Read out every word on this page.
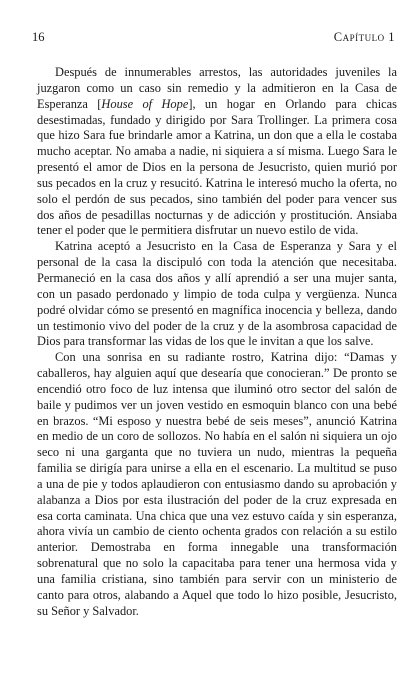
16	Capítulo 1

Después de innumerables arrestos, las autoridades juveniles la juzgaron como un caso sin remedio y la admitieron en la Casa de Esperanza [House of Hope], un hogar en Orlando para chicas desestimadas, fundado y dirigido por Sara Trollinger. La primera cosa que hizo Sara fue brindarle amor a Katrina, un don que a ella le costaba mucho aceptar. No amaba a nadie, ni siquiera a sí misma. Luego Sara le presentó el amor de Dios en la persona de Jesucristo, quien murió por sus pecados en la cruz y resucitó. Katrina le interesó mucho la oferta, no solo el perdón de sus pecados, sino también del poder para vencer sus dos años de pesadillas nocturnas y de adicción y prostitución. Ansiaba tener el poder que le permitiera disfrutar un nuevo estilo de vida.

Katrina aceptó a Jesucristo en la Casa de Esperanza y Sara y el personal de la casa la discipuló con toda la atención que necesitaba. Permaneció en la casa dos años y allí aprendió a ser una mujer santa, con un pasado perdonado y limpio de toda culpa y vergüenza. Nunca podré olvidar cómo se presentó en magnífica inocencia y belleza, dando un testimonio vivo del poder de la cruz y de la asombrosa capacidad de Dios para transformar las vidas de los que le invitan a que los salve.

Con una sonrisa en su radiante rostro, Katrina dijo: “Damas y caballeros, hay alguien aquí que desearía que conocieran.” De pronto se encendió otro foco de luz intensa que iluminó otro sector del salón de baile y pudimos ver un joven vestido en esmoquin blanco con una bebé en brazos. “Mi esposo y nuestra bebé de seis meses”, anunció Katrina en medio de un coro de sollozos. No había en el salón ni siquiera un ojo seco ni una garganta que no tuviera un nudo, mientras la pequeña familia se dirigía para unirse a ella en el escenario. La multitud se puso a una de pie y todos aplaudieron con entusiasmo dando su aprobación y alabanza a Dios por esta ilustración del poder de la cruz expresada en esa corta caminata. Una chica que una vez estuvo caída y sin esperanza, ahora vivía un cambio de ciento ochenta grados con relación a su estilo anterior. Demostraba en forma innegable una transformación sobrenatural que no solo la capacitaba para tener una hermosa vida y una familia cristiana, sino también para servir con un ministerio de canto para otros, alabando a Aquel que todo lo hizo posible, Jesucristo, su Señor y Salvador.
